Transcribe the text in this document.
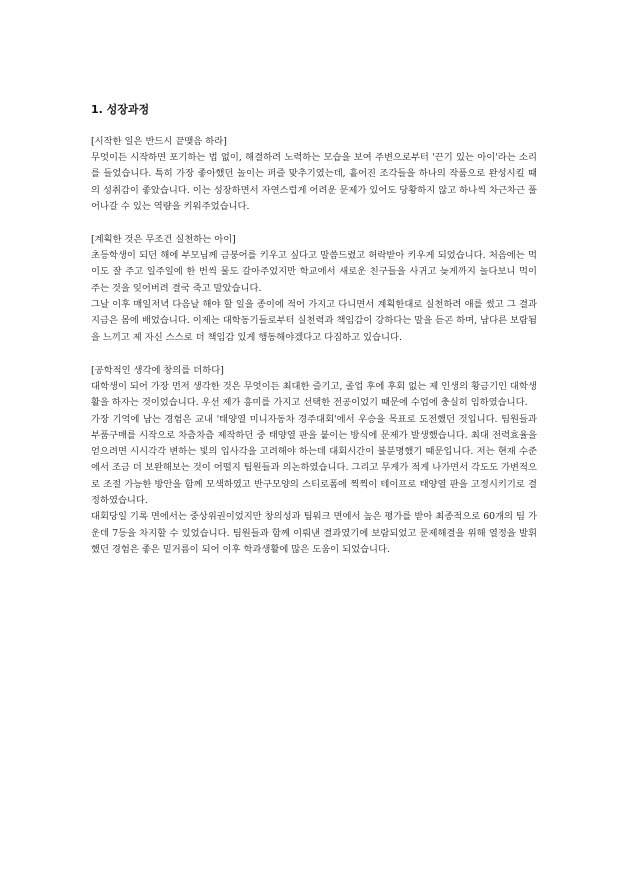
1. 성장과정

[시작한 일은 반드시 끝맺음 하라]

무엇이든 시작하면 포기하는 법 없이, 해결하려 노력하는 모습을 보여 주변으로부터 '끈기 있는 아이'라는 소리를 들었습니다. 특히 가장 좋아했던 놀이는 퍼즐 맞추기였는데, 흩어진 조각들을 하나의 작품으로 완성시킬 때의 성취감이 좋았습니다. 이는 성장하면서 자연스럽게 어려운 문제가 있어도 당황하지 않고 하나씩 차근차근 풀어나갈 수 있는 역량을 키워주었습니다.

[계획한 것은 무조건 실천하는 아이]

초등학생이 되던 해에 부모님께 금붕어를 키우고 싶다고 말씀드렸고 허락받아 키우게 되었습니다. 처음에는 먹이도 잘 주고 일주일에 한 번씩 물도 갈아주었지만 학교에서 새로운 친구들을 사귀고 늦게까지 놀다보니 먹이 주는 것을 잊어버려 결국 죽고 말았습니다.

그날 이후 매일저녁 다음날 해야 할 일을 종이에 적어 가지고 다니면서 계획한대로 실천하려 애를 썼고 그 결과 지금은 몸에 배었습니다. 이제는 대학동기들로부터 실천력과 책임감이 강하다는 말을 듣곤 하며, 남다른 보람됨을 느끼고 제 자신 스스로 더 책임감 있게 행동해야겠다고 다짐하고 있습니다.

[공학적인 생각에 창의를 더하다]

대학생이 되어 가장 먼저 생각한 것은 무엇이든 최대한 즐기고, 졸업 후에 후회 없는 제 인생의 황금기인 대학생활을 하자는 것이었습니다. 우선 제가 흥미를 가지고 선택한 전공이었기 때문에 수업에 충실히 임하였습니다.

가장 기억에 남는 경험은 교내 '태양열 미니자동차 경주대회'에서 우승을 목표로 도전했던 것입니다. 팀원들과 부품구매를 시작으로 차츰차츰 제작하던 중 태양열 판을 붙이는 방식에 문제가 발생했습니다. 최대 전력효율을 얻으려면 시시각각 변하는 빛의 입사각을 고려해야 하는데 대회시간이 불분명했기 때문입니다. 저는 현재 수준에서 조금 더 보완해보는 것이 어떨지 팀원들과 의논하였습니다. 그리고 무게가 적게 나가면서 각도도 가변적으로 조절 가능한 방안을 함께 모색하였고 반구모양의 스티로폼에 찍찍이 테이프로 태양열 판을 고정시키기로 결정하였습니다.

대회당일 기록 면에서는 중상위권이었지만 창의성과 팀워크 면에서 높은 평가를 받아 최종적으로 60개의 팀 가운데 7등을 차지할 수 있었습니다. 팀원들과 함께 이뤄낸 결과였기에 보람되었고 문제해결을 위해 열정을 발휘했던 경험은 좋은 밑거름이 되어 이후 학과생활에 많은 도움이 되었습니다.
